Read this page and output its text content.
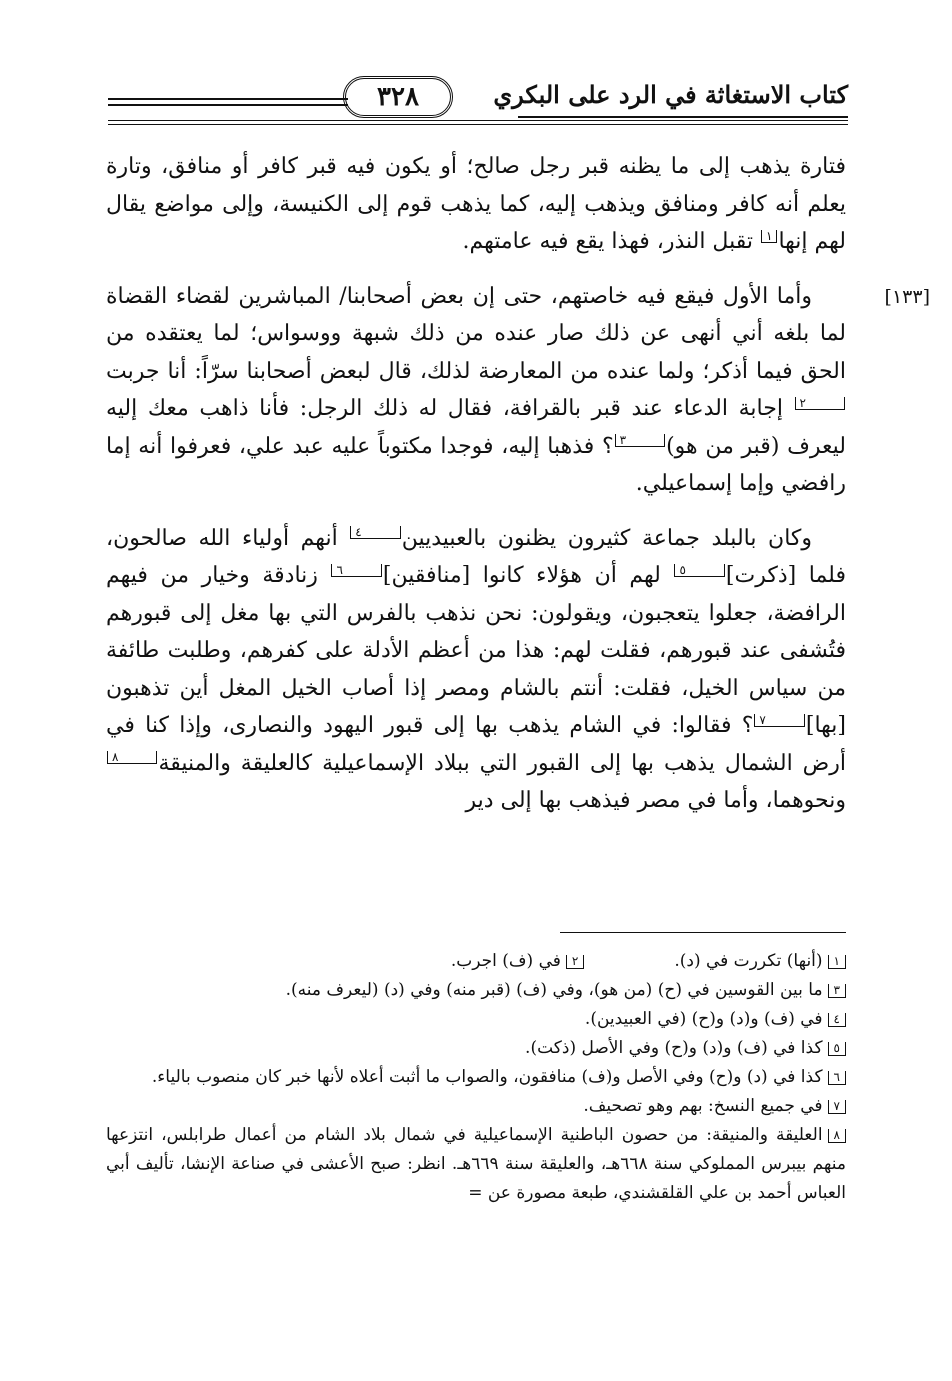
كتاب الاستغاثة في الرد على البكري
٣٢٨
[١٣٣]

فتارة يذهب إلى ما يظنه قبر رجل صالح؛ أو يكون فيه قبر كافر أو منافق، وتارة يعلم أنه كافر ومنافق ويذهب إليه، كما يذهب قوم إلى الكنيسة، وإلى مواضع يقال لهم إنها١ تقبل النذر، فهذا يقع فيه عامتهم.

وأما الأول فيقع فيه خاصتهم، حتى إن بعض أصحابنا/ المباشرين لقضاء القضاة لما بلغه أني أنهى عن ذلك صار عنده من ذلك شبهة ووسواس؛ لما يعتقده من الحق فيما أذكر؛ ولما عنده من المعارضة لذلك، قال لبعض أصحابنا سرّاً: أنا جربت٢ إجابة الدعاء عند قبر بالقرافة، فقال له ذلك الرجل: فأنا ذاهب معك إليه ليعرف (قبر من هو)٣؟ فذهبا إليه، فوجدا مكتوباً عليه عبد علي، فعرفوا أنه إما رافضي وإما إسماعيلي.

وكان بالبلد جماعة كثيرون يظنون بالعبيديين٤ أنهم أولياء الله صالحون، فلما [ذكرت]٥ لهم أن هؤلاء كانوا [منافقين]٦ زنادقة وخيار من فيهم الرافضة، جعلوا يتعجبون، ويقولون: نحن نذهب بالفرس التي بها مغل إلى قبورهم فتُشفى عند قبورهم، فقلت لهم: هذا من أعظم الأدلة على كفرهم، وطلبت طائفة من سياس الخيل، فقلت: أنتم بالشام ومصر إذا أصاب الخيل المغل أين تذهبون [بها]٧؟ فقالوا: في الشام يذهب بها إلى قبور اليهود والنصارى، وإذا كنا في أرض الشمال يذهب بها إلى القبور التي ببلاد الإسماعيلية كالعليقة والمنيقة٨ ونحوهما، وأما في مصر فيذهب بها إلى دير

١(أنها) تكررت في (د).

٢في (ف) اجرب.

٣ما بين القوسين في (ح) (من هو)، وفي (ف) (قبر منه) وفي (د) (ليعرف منه).

٤في (ف) و(د) و(ح) (في العبيدين).

٥كذا في (ف) و(د) و(ح) وفي الأصل (ذكت).

٦كذا في (د) و(ح) وفي الأصل و(ف) منافقون، والصواب ما أثبت أعلاه لأنها خبر كان منصوب بالياء.

٧في جميع النسخ: بهم وهو تصحيف.

٨العليقة والمنيقة: من حصون الباطنية الإسماعيلية في شمال بلاد الشام من أعمال طرابلس، انتزعها منهم بيبرس المملوكي سنة ٦٦٨هـ، والعليقة سنة ٦٦٩هـ. انظر: صبح الأعشى في صناعة الإنشا، تأليف أبي العباس أحمد بن علي القلقشندي، طبعة مصورة عن =
